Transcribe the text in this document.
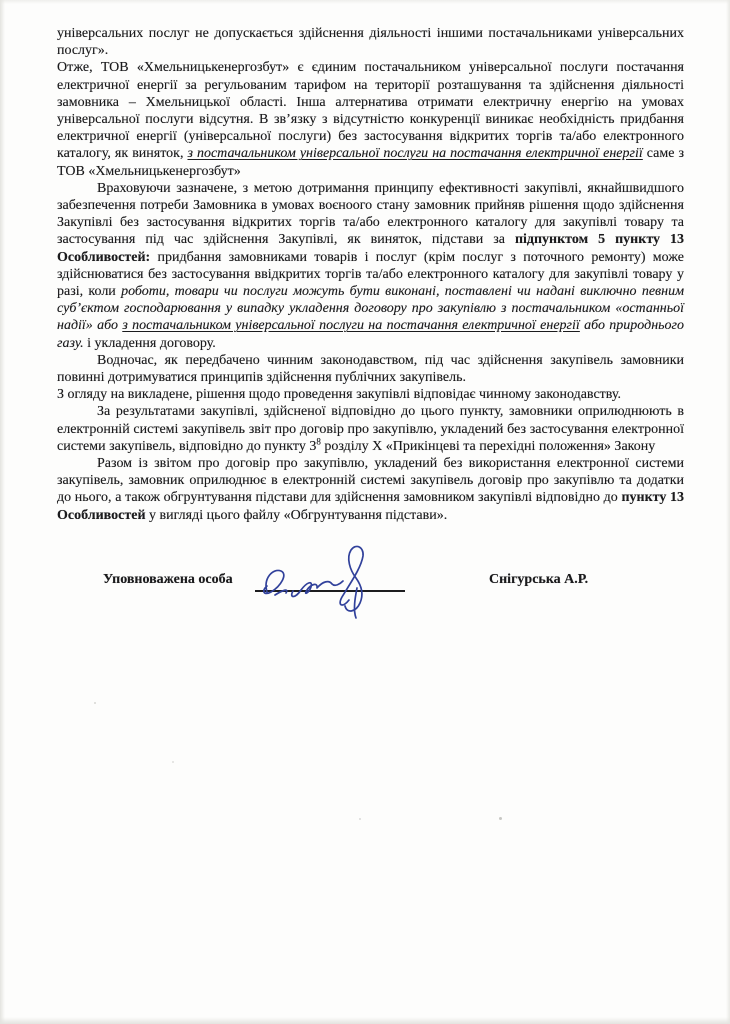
універсальних послуг не допускається здійснення діяльності іншими постачальниками універсальних послуг».

Отже, ТОВ «Хмельницькенергозбут» є єдиним постачальником універсальної послуги постачання електричної енергії за регульованим тарифом на території розташування та здійснення діяльності замовника – Хмельницької області. Інша алтернатива отримати електричну енергію на умовах універсальної послуги відсутня. В зв’язку з відсутністю конкуренції виникає необхідність придбання електричної енергії (універсальної послуги) без застосування відкритих торгів та/або електронного каталогу, як виняток, з постачальником універсальної послуги на постачання електричної енергії саме з ТОВ «Хмельницькенергозбут»

Враховуючи зазначене, з метою дотримання принципу ефективності закупівлі, якнайшвидшого забезпечення потреби Замовника в умовах воєноого стану замовник прийняв рішення щодо здійснення Закупівлі без застосування відкритих торгів та/або електронного каталогу для закупівлі товару та застосування під час здійснення Закупівлі, як виняток, підстави за підпунктом 5 пункту 13 Особливостей: придбання замовниками товарів і послуг (крім послуг з поточного ремонту) може здійснюватися без застосування ввідкритих торгів та/або електронного каталогу для закупівлі товару у разі, коли роботи, товари чи послуги можуть бути виконані, поставлені чи надані виключно певним суб’єктом господарювання у випадку укладення договору про закупівлю з постачальником «останньої надії» або з постачальником універсальної послуги на постачання електричної енергії або природнього газу. і укладення договору.

Водночас, як передбачено чинним законодавством, під час здійснення закупівель замовники повинні дотримуватися принципів здійснення публічних закупівель.

З огляду на викладене, рішення щодо проведення закупівлі відповідає чинному законодавству.

За результатами закупівлі, здійсненої відповідно до цього пункту, замовники оприлюднюють в електронній системі закупівель звіт про договір про закупівлю, укладений без застосування електронної системи закупівель, відповідно до пункту 3$^8$ розділу Х «Прикінцеві та перехідні положення» Закону

Разом із звітом про договір про закупівлю, укладений без використання електронної системи закупівель, замовник оприлюднює в електронній системі закупівель договір про закупівлю та додатки до нього, а також обгрунтування підстави для здійснення замовником закупівлі відповідно до пункту 13 Особливостей у вигляді цього файлу «Обгрунтування підстави».

Уповноважена особа	Снігурська А.Р.
